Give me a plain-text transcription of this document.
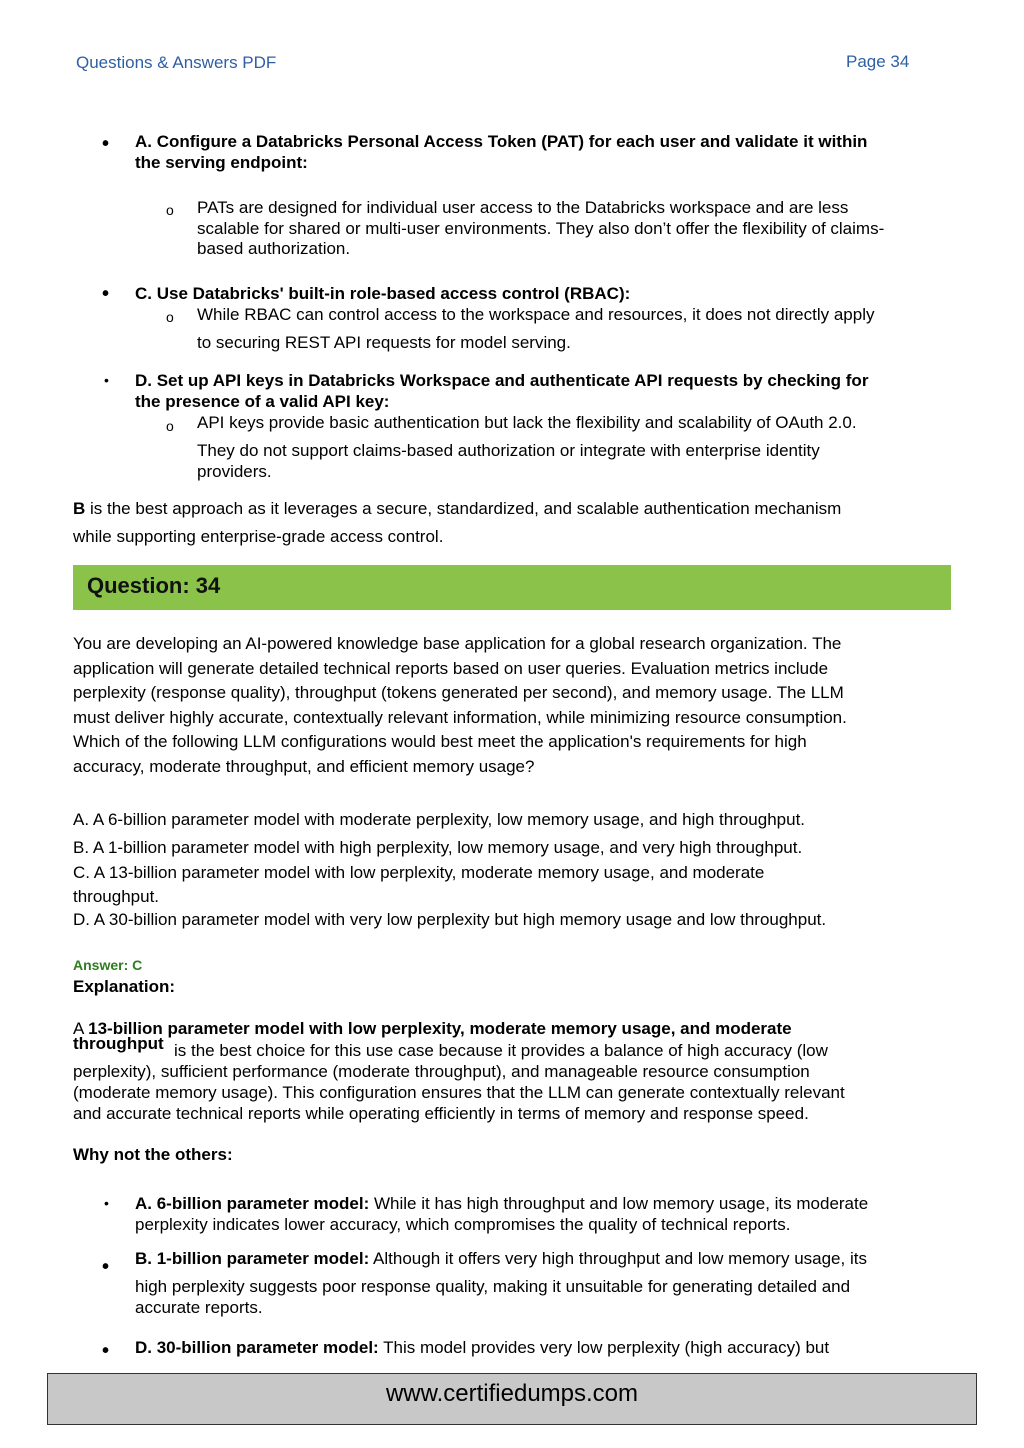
Questions & Answers PDF	Page 34
• A. Configure a Databricks Personal Access Token (PAT) for each user and validate it within
the serving endpoint:
o PATs are designed for individual user access to the Databricks workspace and are less
scalable for shared or multi-user environments. They also don’t offer the flexibility of claims-
based authorization.
• C. Use Databricks' built-in role-based access control (RBAC):
o While RBAC can control access to the workspace and resources, it does not directly apply
to securing REST API requests for model serving.
• D. Set up API keys in Databricks Workspace and authenticate API requests by checking for
the presence of a valid API key:
o API keys provide basic authentication but lack the flexibility and scalability of OAuth 2.0.
They do not support claims-based authorization or integrate with enterprise identity
providers.
B is the best approach as it leverages a secure, standardized, and scalable authentication mechanism
while supporting enterprise-grade access control.
Question: 34
You are developing an AI-powered knowledge base application for a global research organization. The
application will generate detailed technical reports based on user queries. Evaluation metrics include
perplexity (response quality), throughput (tokens generated per second), and memory usage. The LLM
must deliver highly accurate, contextually relevant information, while minimizing resource consumption.
Which of the following LLM configurations would best meet the application's requirements for high
accuracy, moderate throughput, and efficient memory usage?
A. A 6-billion parameter model with moderate perplexity, low memory usage, and high throughput.
B. A 1-billion parameter model with high perplexity, low memory usage, and very high throughput.
C. A 13-billion parameter model with low perplexity, moderate memory usage, and moderate
throughput.
D. A 30-billion parameter model with very low perplexity but high memory usage and low throughput.
Answer: C
Explanation:
A 13-billion parameter model with low perplexity, moderate memory usage, and moderate
throughput is the best choice for this use case because it provides a balance of high accuracy (low
perplexity), sufficient performance (moderate throughput), and manageable resource consumption
(moderate memory usage). This configuration ensures that the LLM can generate contextually relevant
and accurate technical reports while operating efficiently in terms of memory and response speed.
Why not the others:
• A. 6-billion parameter model: While it has high throughput and low memory usage, its moderate
perplexity indicates lower accuracy, which compromises the quality of technical reports.
• B. 1-billion parameter model: Although it offers very high throughput and low memory usage, its
high perplexity suggests poor response quality, making it unsuitable for generating detailed and
accurate reports.
• D. 30-billion parameter model: This model provides very low perplexity (high accuracy) but
www.certifiedumps.com
